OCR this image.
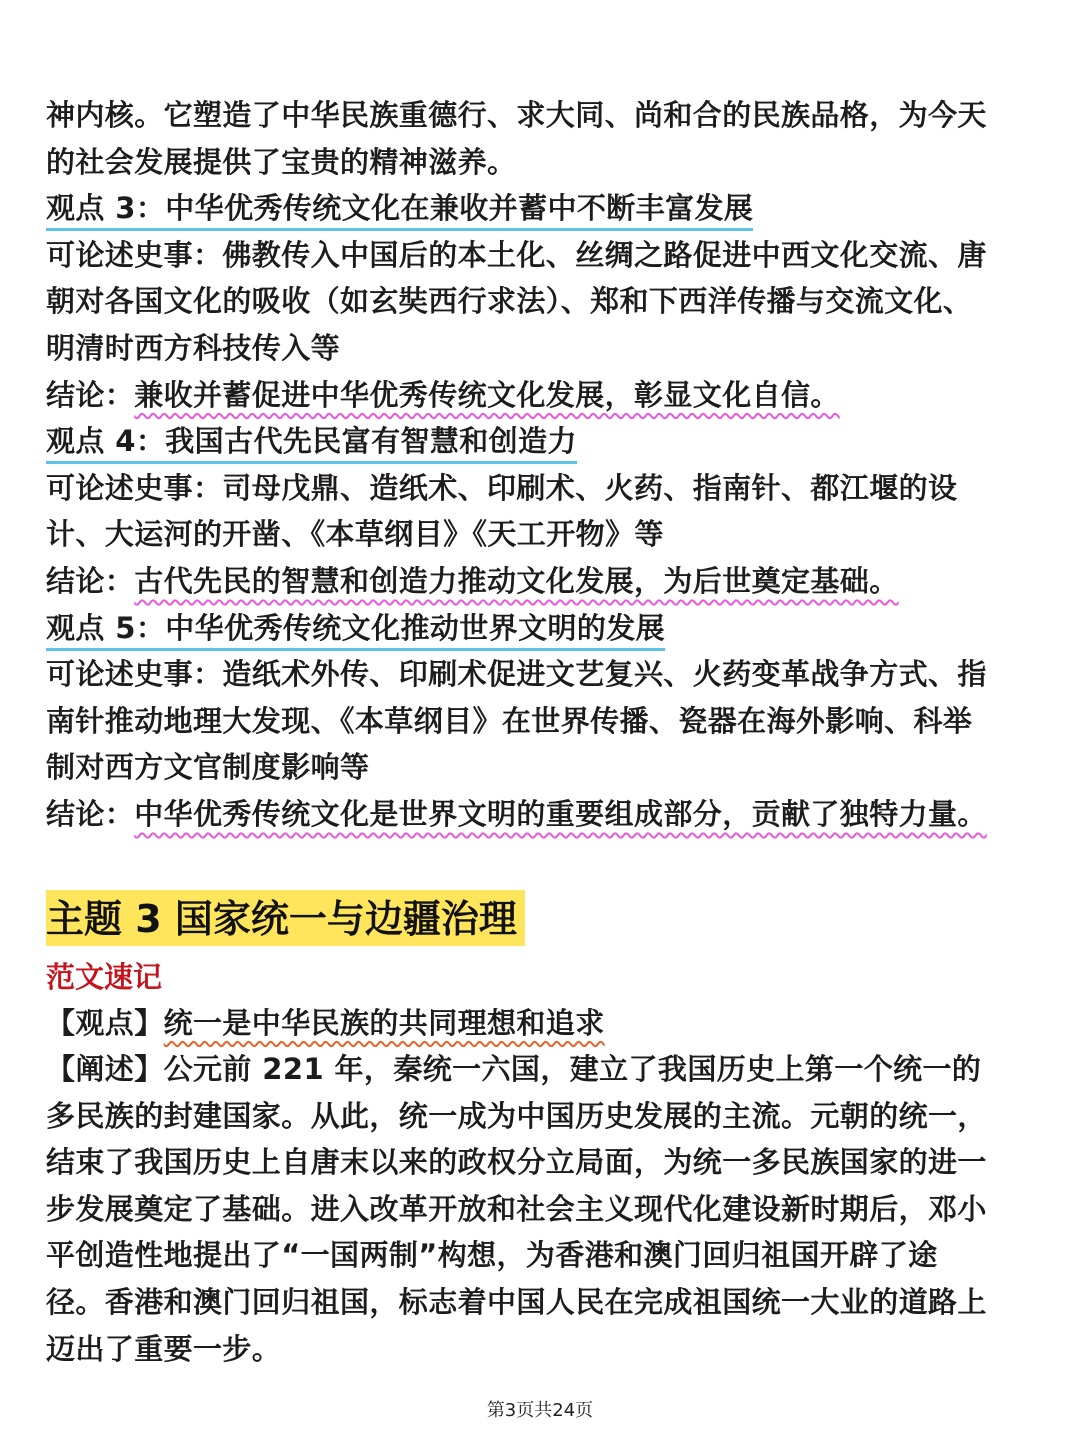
神内核。它塑造了中华民族重德行、求大同、尚和合的民族品格，为今天
的社会发展提供了宝贵的精神滋养。
观点 3：中华优秀传统文化在兼收并蓄中不断丰富发展
可论述史事：佛教传入中国后的本土化、丝绸之路促进中西文化交流、唐
朝对各国文化的吸收（如玄奘西行求法）、郑和下西洋传播与交流文化、
明清时西方科技传入等
结论：兼收并蓄促进中华优秀传统文化发展，彰显文化自信。
观点 4：我国古代先民富有智慧和创造力
可论述史事：司母戊鼎、造纸术、印刷术、火药、指南针、都江堰的设
计、大运河的开凿、《本草纲目》《天工开物》等
结论：古代先民的智慧和创造力推动文化发展，为后世奠定基础。
观点 5：中华优秀传统文化推动世界文明的发展
可论述史事：造纸术外传、印刷术促进文艺复兴、火药变革战争方式、指
南针推动地理大发现、《本草纲目》在世界传播、瓷器在海外影响、科举
制对西方文官制度影响等
结论：中华优秀传统文化是世界文明的重要组成部分，贡献了独特力量。
主题 3 国家统一与边疆治理
范文速记
【观点】统一是中华民族的共同理想和追求
【阐述】公元前 221 年，秦统一六国，建立了我国历史上第一个统一的
多民族的封建国家。从此，统一成为中国历史发展的主流。元朝的统一，
结束了我国历史上自唐末以来的政权分立局面，为统一多民族国家的进一
步发展奠定了基础。进入改革开放和社会主义现代化建设新时期后，邓小
平创造性地提出了“一国两制”构想，为香港和澳门回归祖国开辟了途
径。香港和澳门回归祖国，标志着中国人民在完成祖国统一大业的道路上
迈出了重要一步。
第3页共24页
